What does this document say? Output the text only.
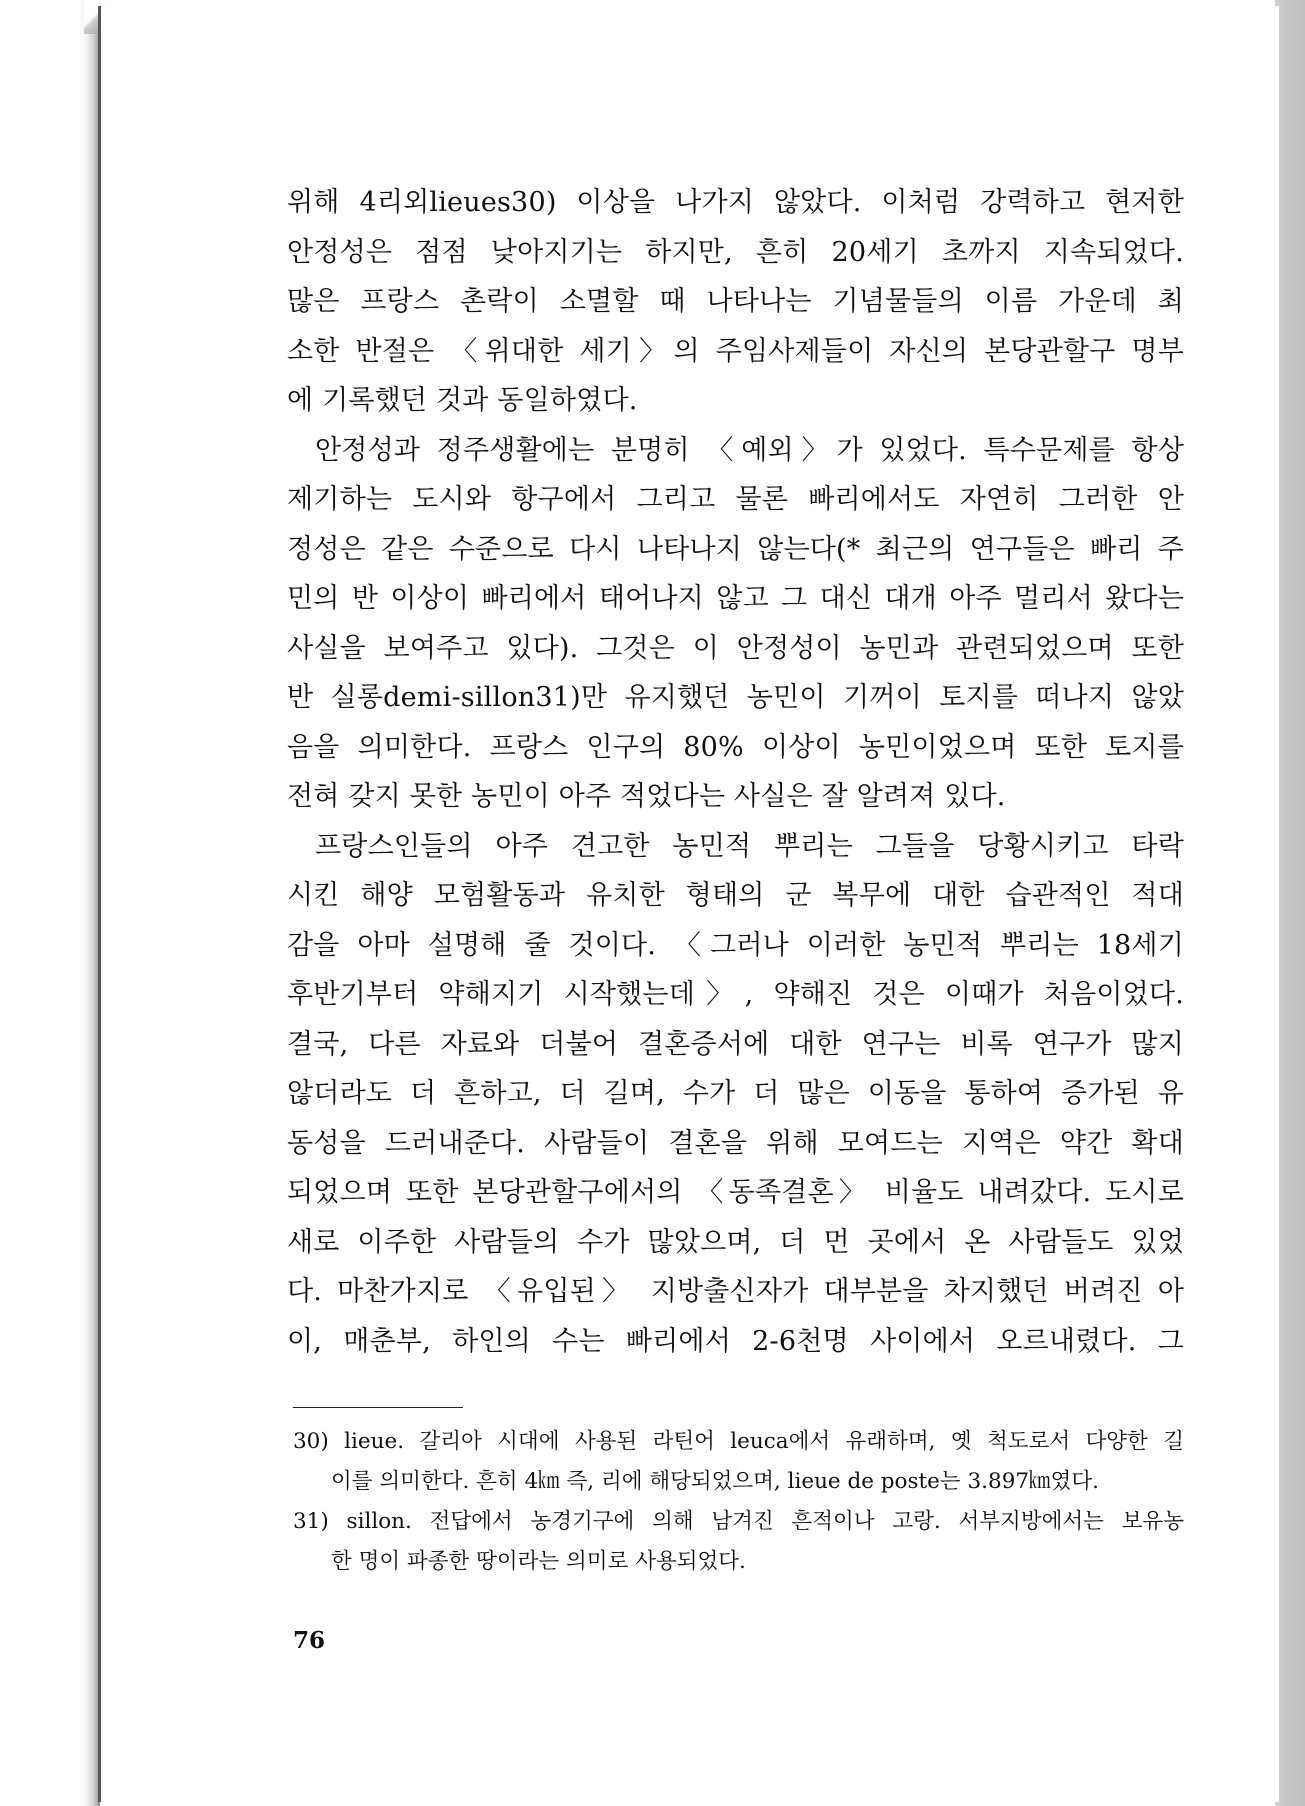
위해 4리외lieues30) 이상을 나가지 않았다. 이처럼 강력하고 현저한
안정성은 점점 낮아지기는 하지만, 흔히 20세기 초까지 지속되었다.
많은 프랑스 촌락이 소멸할 때 나타나는 기념물들의 이름 가운데 최
소한 반절은 〈위대한 세기〉의 주임사제들이 자신의 본당관할구 명부
에 기록했던 것과 동일하였다.
안정성과 정주생활에는 분명히 〈예외〉가 있었다. 특수문제를 항상
제기하는 도시와 항구에서 그리고 물론 빠리에서도 자연히 그러한 안
정성은 같은 수준으로 다시 나타나지 않는다(* 최근의 연구들은 빠리 주
민의 반 이상이 빠리에서 태어나지 않고 그 대신 대개 아주 멀리서 왔다는
사실을 보여주고 있다). 그것은 이 안정성이 농민과 관련되었으며 또한
반 실롱demi-sillon31)만 유지했던 농민이 기꺼이 토지를 떠나지 않았
음을 의미한다. 프랑스 인구의 80% 이상이 농민이었으며 또한 토지를
전혀 갖지 못한 농민이 아주 적었다는 사실은 잘 알려져 있다.
프랑스인들의 아주 견고한 농민적 뿌리는 그들을 당황시키고 타락
시킨 해양 모험활동과 유치한 형태의 군 복무에 대한 습관적인 적대
감을 아마 설명해 줄 것이다. 〈그러나 이러한 농민적 뿌리는 18세기
후반기부터 약해지기 시작했는데〉, 약해진 것은 이때가 처음이었다.
결국, 다른 자료와 더불어 결혼증서에 대한 연구는 비록 연구가 많지
않더라도 더 흔하고, 더 길며, 수가 더 많은 이동을 통하여 증가된 유
동성을 드러내준다. 사람들이 결혼을 위해 모여드는 지역은 약간 확대
되었으며 또한 본당관할구에서의 〈동족결혼〉 비율도 내려갔다. 도시로
새로 이주한 사람들의 수가 많았으며, 더 먼 곳에서 온 사람들도 있었
다. 마찬가지로 〈유입된〉 지방출신자가 대부분을 차지했던 버려진 아
이, 매춘부, 하인의 수는 빠리에서 2-6천명 사이에서 오르내렸다. 그
30) lieue. 갈리아 시대에 사용된 라틴어 leuca에서 유래하며, 옛 척도로서 다양한 길
이를 의미한다. 흔히 4㎞ 즉, 리에 해당되었으며, lieue de poste는 3.897㎞였다.
31) sillon. 전답에서 농경기구에 의해 남겨진 흔적이나 고랑. 서부지방에서는 보유농
한 명이 파종한 땅이라는 의미로 사용되었다.
76
